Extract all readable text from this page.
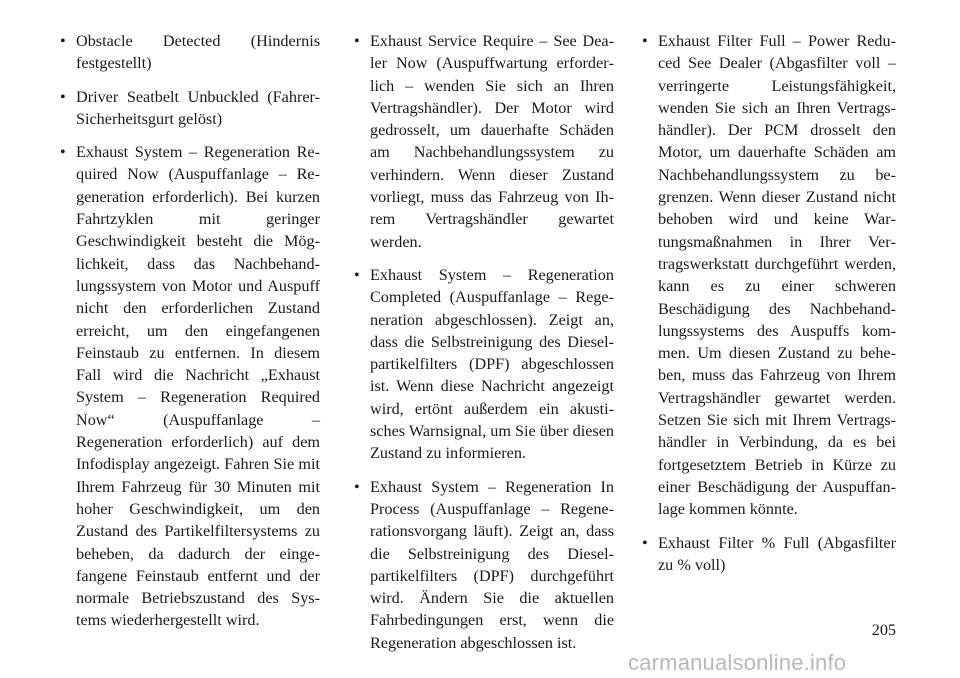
• Obstacle Detected (Hindernis festgestellt)
• Driver Seatbelt Unbuckled (Fahrer-Sicherheitsgurt gelöst)
• Exhaust System – Regeneration Required Now (Auspuffanlage – Regeneration erforderlich). Bei kurzen Fahrtzyklen mit geringer Geschwindigkeit besteht die Möglichkeit, dass das Nachbehandlungssystem von Motor und Auspuff nicht den erforderlichen Zustand erreicht, um den eingefangenen Feinstaub zu entfernen. In diesem Fall wird die Nachricht „Exhaust System – Regeneration Required Now“ (Auspuffanlage – Regeneration erforderlich) auf dem Infodisplay angezeigt. Fahren Sie mit Ihrem Fahrzeug für 30 Minuten mit hoher Geschwindigkeit, um den Zustand des Partikelfiltersystems zu beheben, da dadurch der eingefangene Feinstaub entfernt und der normale Betriebszustand des Systems wiederhergestellt wird.
• Exhaust Service Require – See Dealer Now (Auspuffwartung erforderlich – wenden Sie sich an Ihren Vertragshändler). Der Motor wird gedrosselt, um dauerhafte Schäden am Nachbehandlungssystem zu verhindern. Wenn dieser Zustand vorliegt, muss das Fahrzeug von Ihrem Vertragshändler gewartet werden.
• Exhaust System – Regeneration Completed (Auspuffanlage – Regeneration abgeschlossen). Zeigt an, dass die Selbstreinigung des Dieselpartikelfilters (DPF) abgeschlossen ist. Wenn diese Nachricht angezeigt wird, ertönt außerdem ein akustisches Warnsignal, um Sie über diesen Zustand zu informieren.
• Exhaust System – Regeneration In Process (Auspuffanlage – Regenerationsvorgang läuft). Zeigt an, dass die Selbstreinigung des Dieselpartikelfilters (DPF) durchgeführt wird. Ändern Sie die aktuellen Fahrbedingungen erst, wenn die Regeneration abgeschlossen ist.
• Exhaust Filter Full – Power Reduced See Dealer (Abgasfilter voll – verringerte Leistungsfähigkeit, wenden Sie sich an Ihren Vertragshändler). Der PCM drosselt den Motor, um dauerhafte Schäden am Nachbehandlungssystem zu begrenzen. Wenn dieser Zustand nicht behoben wird und keine Wartungsmaßnahmen in Ihrer Vertragswerkstatt durchgeführt werden, kann es zu einer schweren Beschädigung des Nachbehandlungssystems des Auspuffs kommen. Um diesen Zustand zu beheben, muss das Fahrzeug von Ihrem Vertragshändler gewartet werden. Setzen Sie sich mit Ihrem Vertragshändler in Verbindung, da es bei fortgesetztem Betrieb in Kürze zu einer Beschädigung der Auspuffanlage kommen könnte.
• Exhaust Filter % Full (Abgasfilter zu % voll)
205
carmanualsonline.info
